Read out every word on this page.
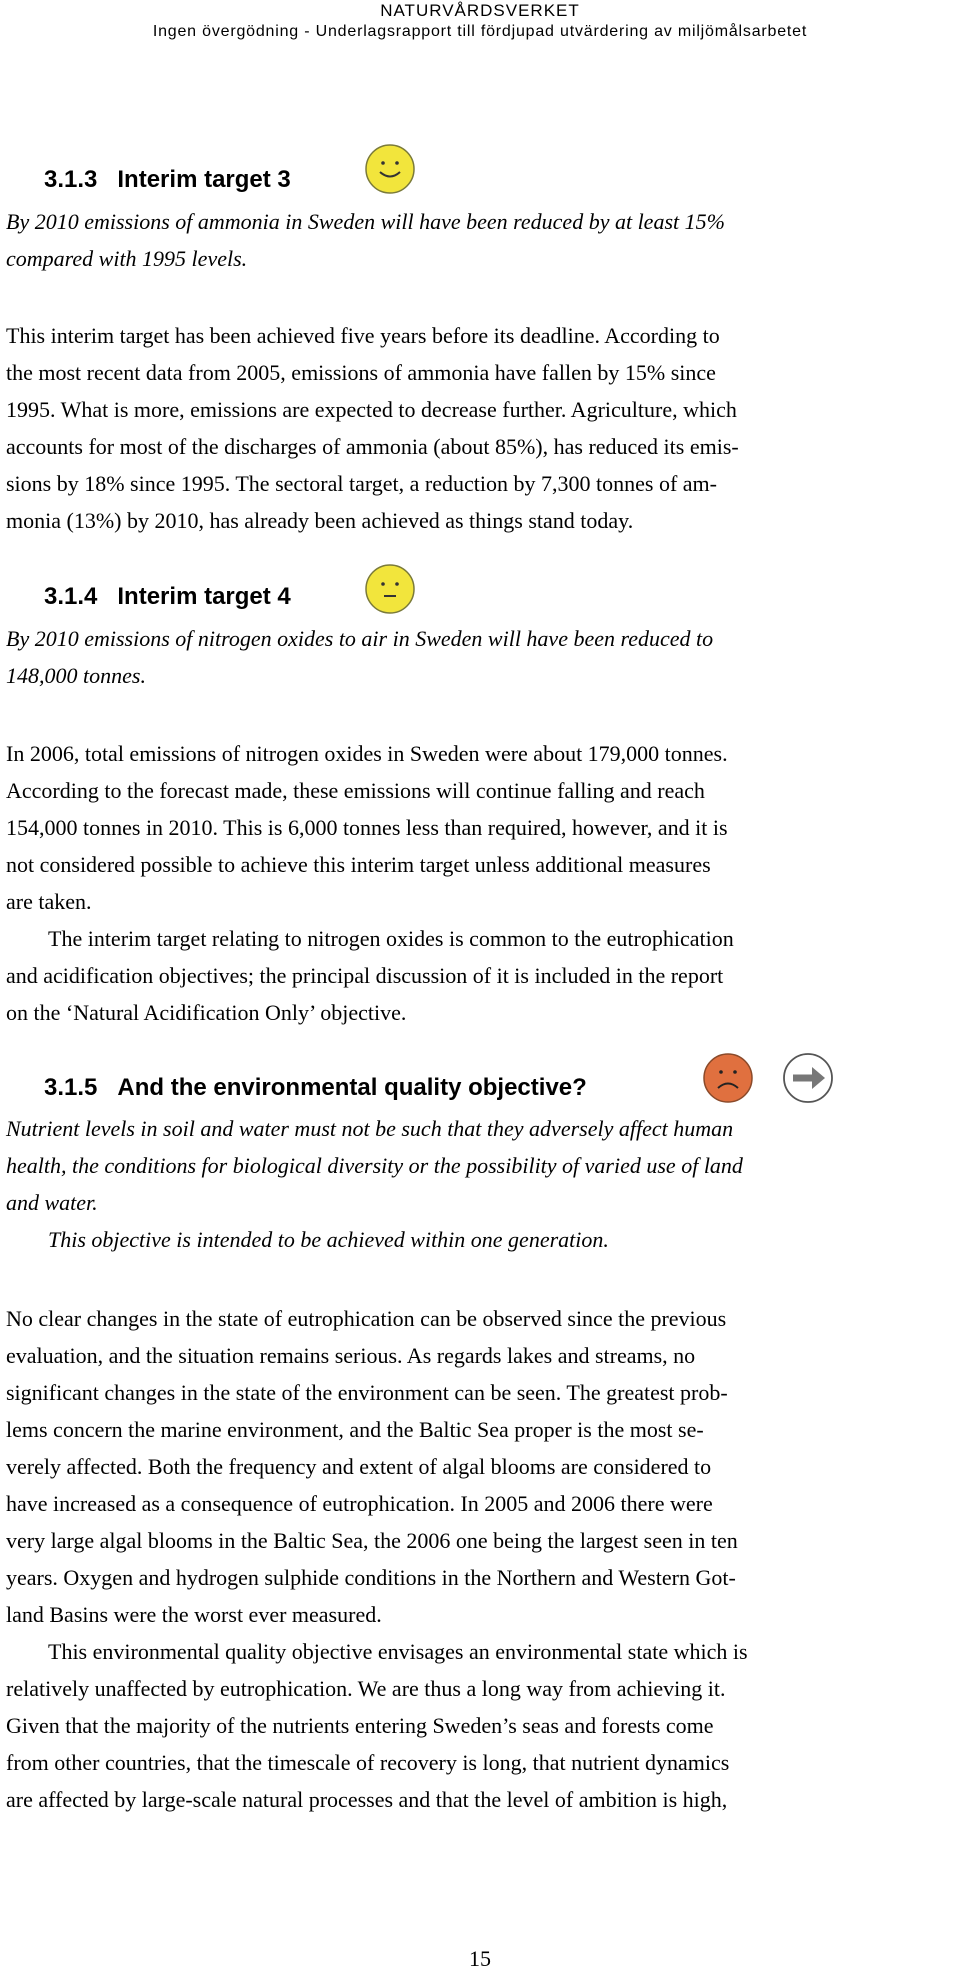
NATURVÅRDSVERKET
Ingen övergödning - Underlagsrapport till fördjupad utvärdering av miljömålsarbetet
3.1.3 Interim target 3
By 2010 emissions of ammonia in Sweden will have been reduced by at least 15%
compared with 1995 levels.
This interim target has been achieved five years before its deadline. According to
the most recent data from 2005, emissions of ammonia have fallen by 15% since
1995. What is more, emissions are expected to decrease further. Agriculture, which
accounts for most of the discharges of ammonia (about 85%), has reduced its emis-
sions by 18% since 1995. The sectoral target, a reduction by 7,300 tonnes of am-
monia (13%) by 2010, has already been achieved as things stand today.
3.1.4 Interim target 4
By 2010 emissions of nitrogen oxides to air in Sweden will have been reduced to
148,000 tonnes.
In 2006, total emissions of nitrogen oxides in Sweden were about 179,000 tonnes.
According to the forecast made, these emissions will continue falling and reach
154,000 tonnes in 2010. This is 6,000 tonnes less than required, however, and it is
not considered possible to achieve this interim target unless additional measures
are taken.
The interim target relating to nitrogen oxides is common to the eutrophication
and acidification objectives; the principal discussion of it is included in the report
on the ‘Natural Acidification Only’ objective.
3.1.5 And the environmental quality objective?
Nutrient levels in soil and water must not be such that they adversely affect human
health, the conditions for biological diversity or the possibility of varied use of land
and water.
This objective is intended to be achieved within one generation.
No clear changes in the state of eutrophication can be observed since the previous
evaluation, and the situation remains serious. As regards lakes and streams, no
significant changes in the state of the environment can be seen. The greatest prob-
lems concern the marine environment, and the Baltic Sea proper is the most se-
verely affected. Both the frequency and extent of algal blooms are considered to
have increased as a consequence of eutrophication. In 2005 and 2006 there were
very large algal blooms in the Baltic Sea, the 2006 one being the largest seen in ten
years. Oxygen and hydrogen sulphide conditions in the Northern and Western Got-
land Basins were the worst ever measured.
This environmental quality objective envisages an environmental state which is
relatively unaffected by eutrophication. We are thus a long way from achieving it.
Given that the majority of the nutrients entering Sweden’s seas and forests come
from other countries, that the timescale of recovery is long, that nutrient dynamics
are affected by large-scale natural processes and that the level of ambition is high,
15
